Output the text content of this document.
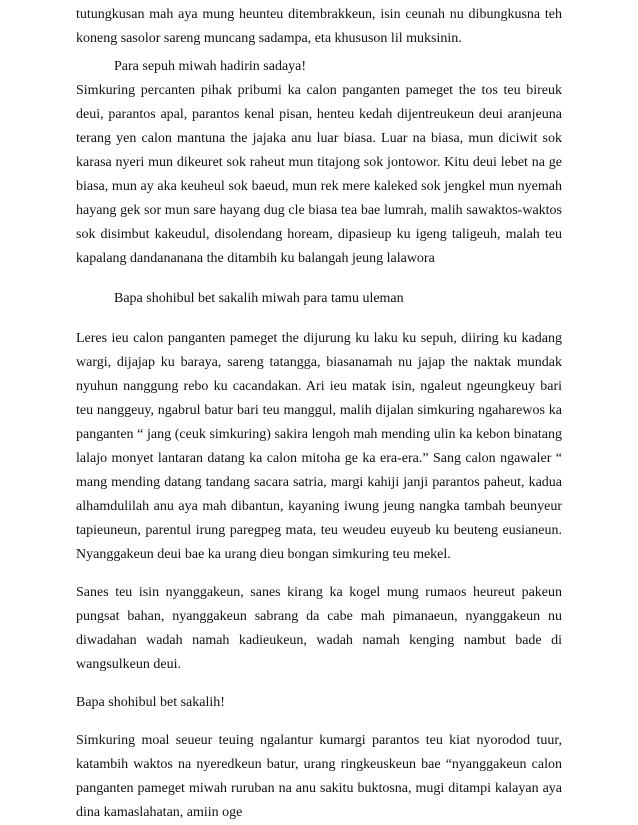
tutungkusan mah aya mung heunteu ditembrakkeun, isin ceunah nu dibungkusna teh koneng sasolor sareng muncang sadampa, eta khususon lil muksinin.

Para sepuh miwah hadirin sadaya!

Simkuring percanten pihak pribumi ka calon panganten pameget the tos teu bireuk deui, parantos apal, parantos kenal pisan, henteu kedah dijentreukeun deui aranjeuna terang yen calon mantuna the jajaka anu luar biasa. Luar na biasa, mun diciwit sok karasa nyeri mun dikeuret sok raheut mun titajong sok jontowor. Kitu deui lebet na ge biasa, mun ay aka keuheul sok baeud, mun rek mere kaleked sok jengkel mun nyemah hayang gek sor mun sare hayang dug cle biasa tea bae lumrah, malih sawaktos-waktos sok disimbut kakeudul, disolendang hoream, dipasieup ku igeng taligeuh, malah teu kapalang dandananana the ditambih ku balangah jeung lalawora

Bapa shohibul bet sakalih miwah para tamu uleman

Leres ieu calon panganten pameget the dijurung ku laku ku sepuh, diiring ku kadang wargi, dijajap ku baraya, sareng tatangga, biasanamah nu jajap the naktak mundak nyuhun nanggung rebo ku cacandakan. Ari ieu matak isin, ngaleut ngeungkeuy bari teu nanggeuy, ngabrul batur bari teu manggul, malih dijalan simkuring ngaharewos ka panganten “ jang (ceuk simkuring) sakira lengoh mah mending ulin ka kebon binatang lalajo monyet lantaran datang ka calon mitoha ge ka era-era.” Sang calon ngawaler “ mang mending datang tandang sacara satria, margi kahiji janji parantos paheut, kadua alhamdulilah anu aya mah dibantun, kayaning iwung jeung nangka tambah beunyeur tapieuneun, parentul irung paregpeg mata, teu weudeu euyeub ku beuteng eusianeun. Nyanggakeun deui bae ka urang dieu bongan simkuring teu mekel.

Sanes teu isin nyanggakeun, sanes kirang ka kogel mung rumaos heureut pakeun pungsat bahan, nyanggakeun sabrang da cabe mah pimanaeun, nyanggakeun nu diwadahan wadah namah kadieukeun, wadah namah kenging nambut bade di wangsulkeun deui.

Bapa shohibul bet sakalih!

Simkuring moal seueur teuing ngalantur kumargi parantos teu kiat nyorodod tuur, katambih waktos na nyeredkeun batur, urang ringkeuskeun bae “nyanggakeun calon panganten pameget miwah ruruban na anu sakitu buktosna, mugi ditampi kalayan aya dina kamaslahatan, amiin oge
